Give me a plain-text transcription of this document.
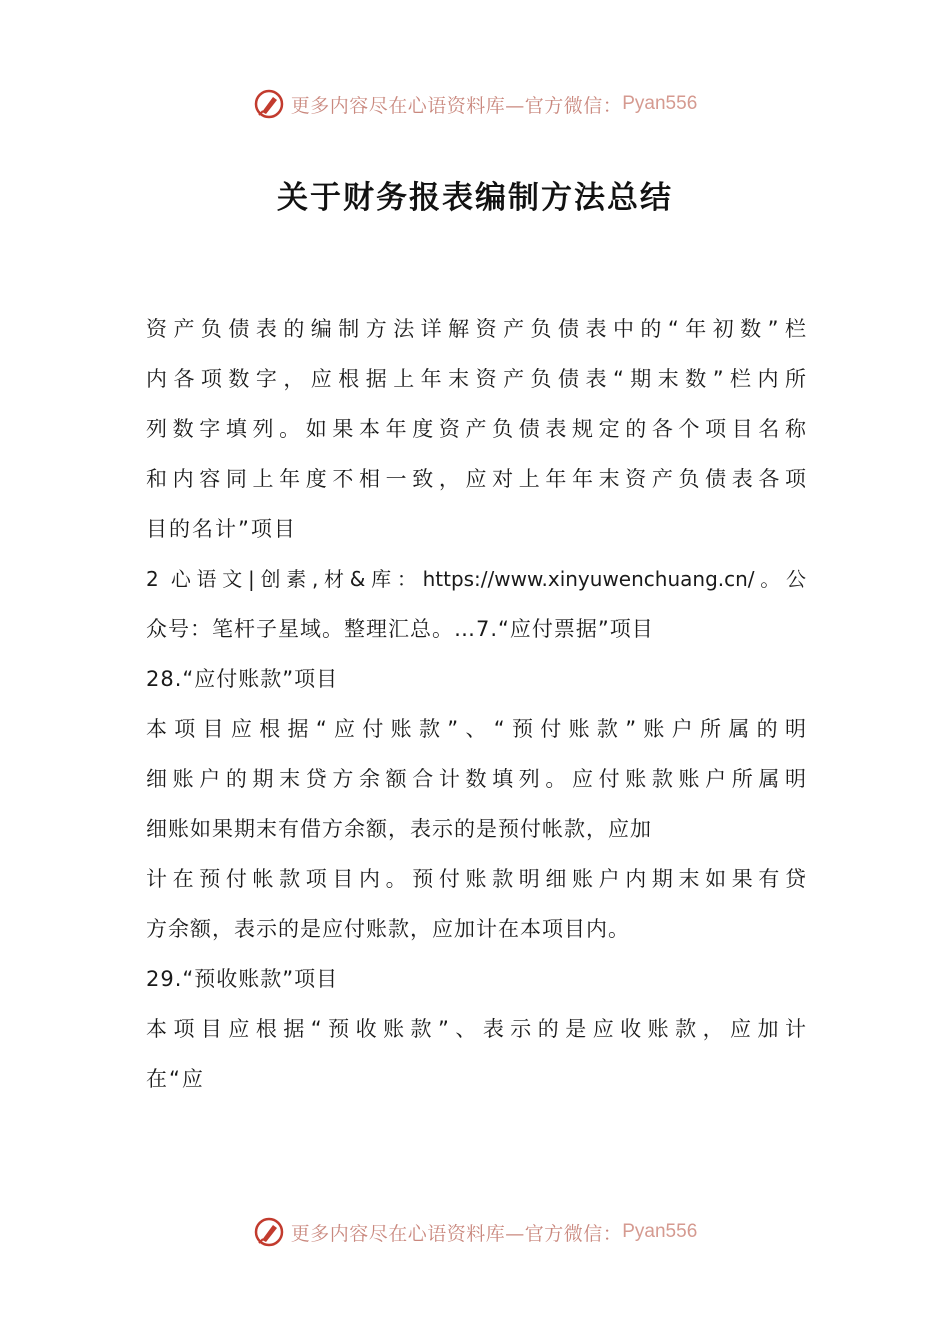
更多内容尽在心语资料库—官方微信： Pyan556
关于财务报表编制方法总结
资产负债表的编制方法详解资产负债表中的“年初数”栏
内各项数字，应根据上年末资产负债表“期末数”栏内所
列数字填列。如果本年度资产负债表规定的各个项目名称
和内容同上年度不相一致，应对上年年末资产负债表各项
目的名计”项目
2 心语文|创素,材&库：https://www.xinyuwenchuang.cn/。公
众号：笔杆子星域。整理汇总。…7.“应付票据”项目
28.“应付账款”项目
本项目应根据“应付账款”、“预付账款”账户所属的明
细账户的期末贷方余额合计数填列。应付账款账户所属明
细账如果期末有借方余额，表示的是预付帐款，应加
计在预付帐款项目内。预付账款明细账户内期末如果有贷
方余额，表示的是应付账款，应加计在本项目内。
29.“预收账款”项目
本项目应根据“预收账款”、表示的是应收账款，应加计
在“应
更多内容尽在心语资料库—官方微信： Pyan556
